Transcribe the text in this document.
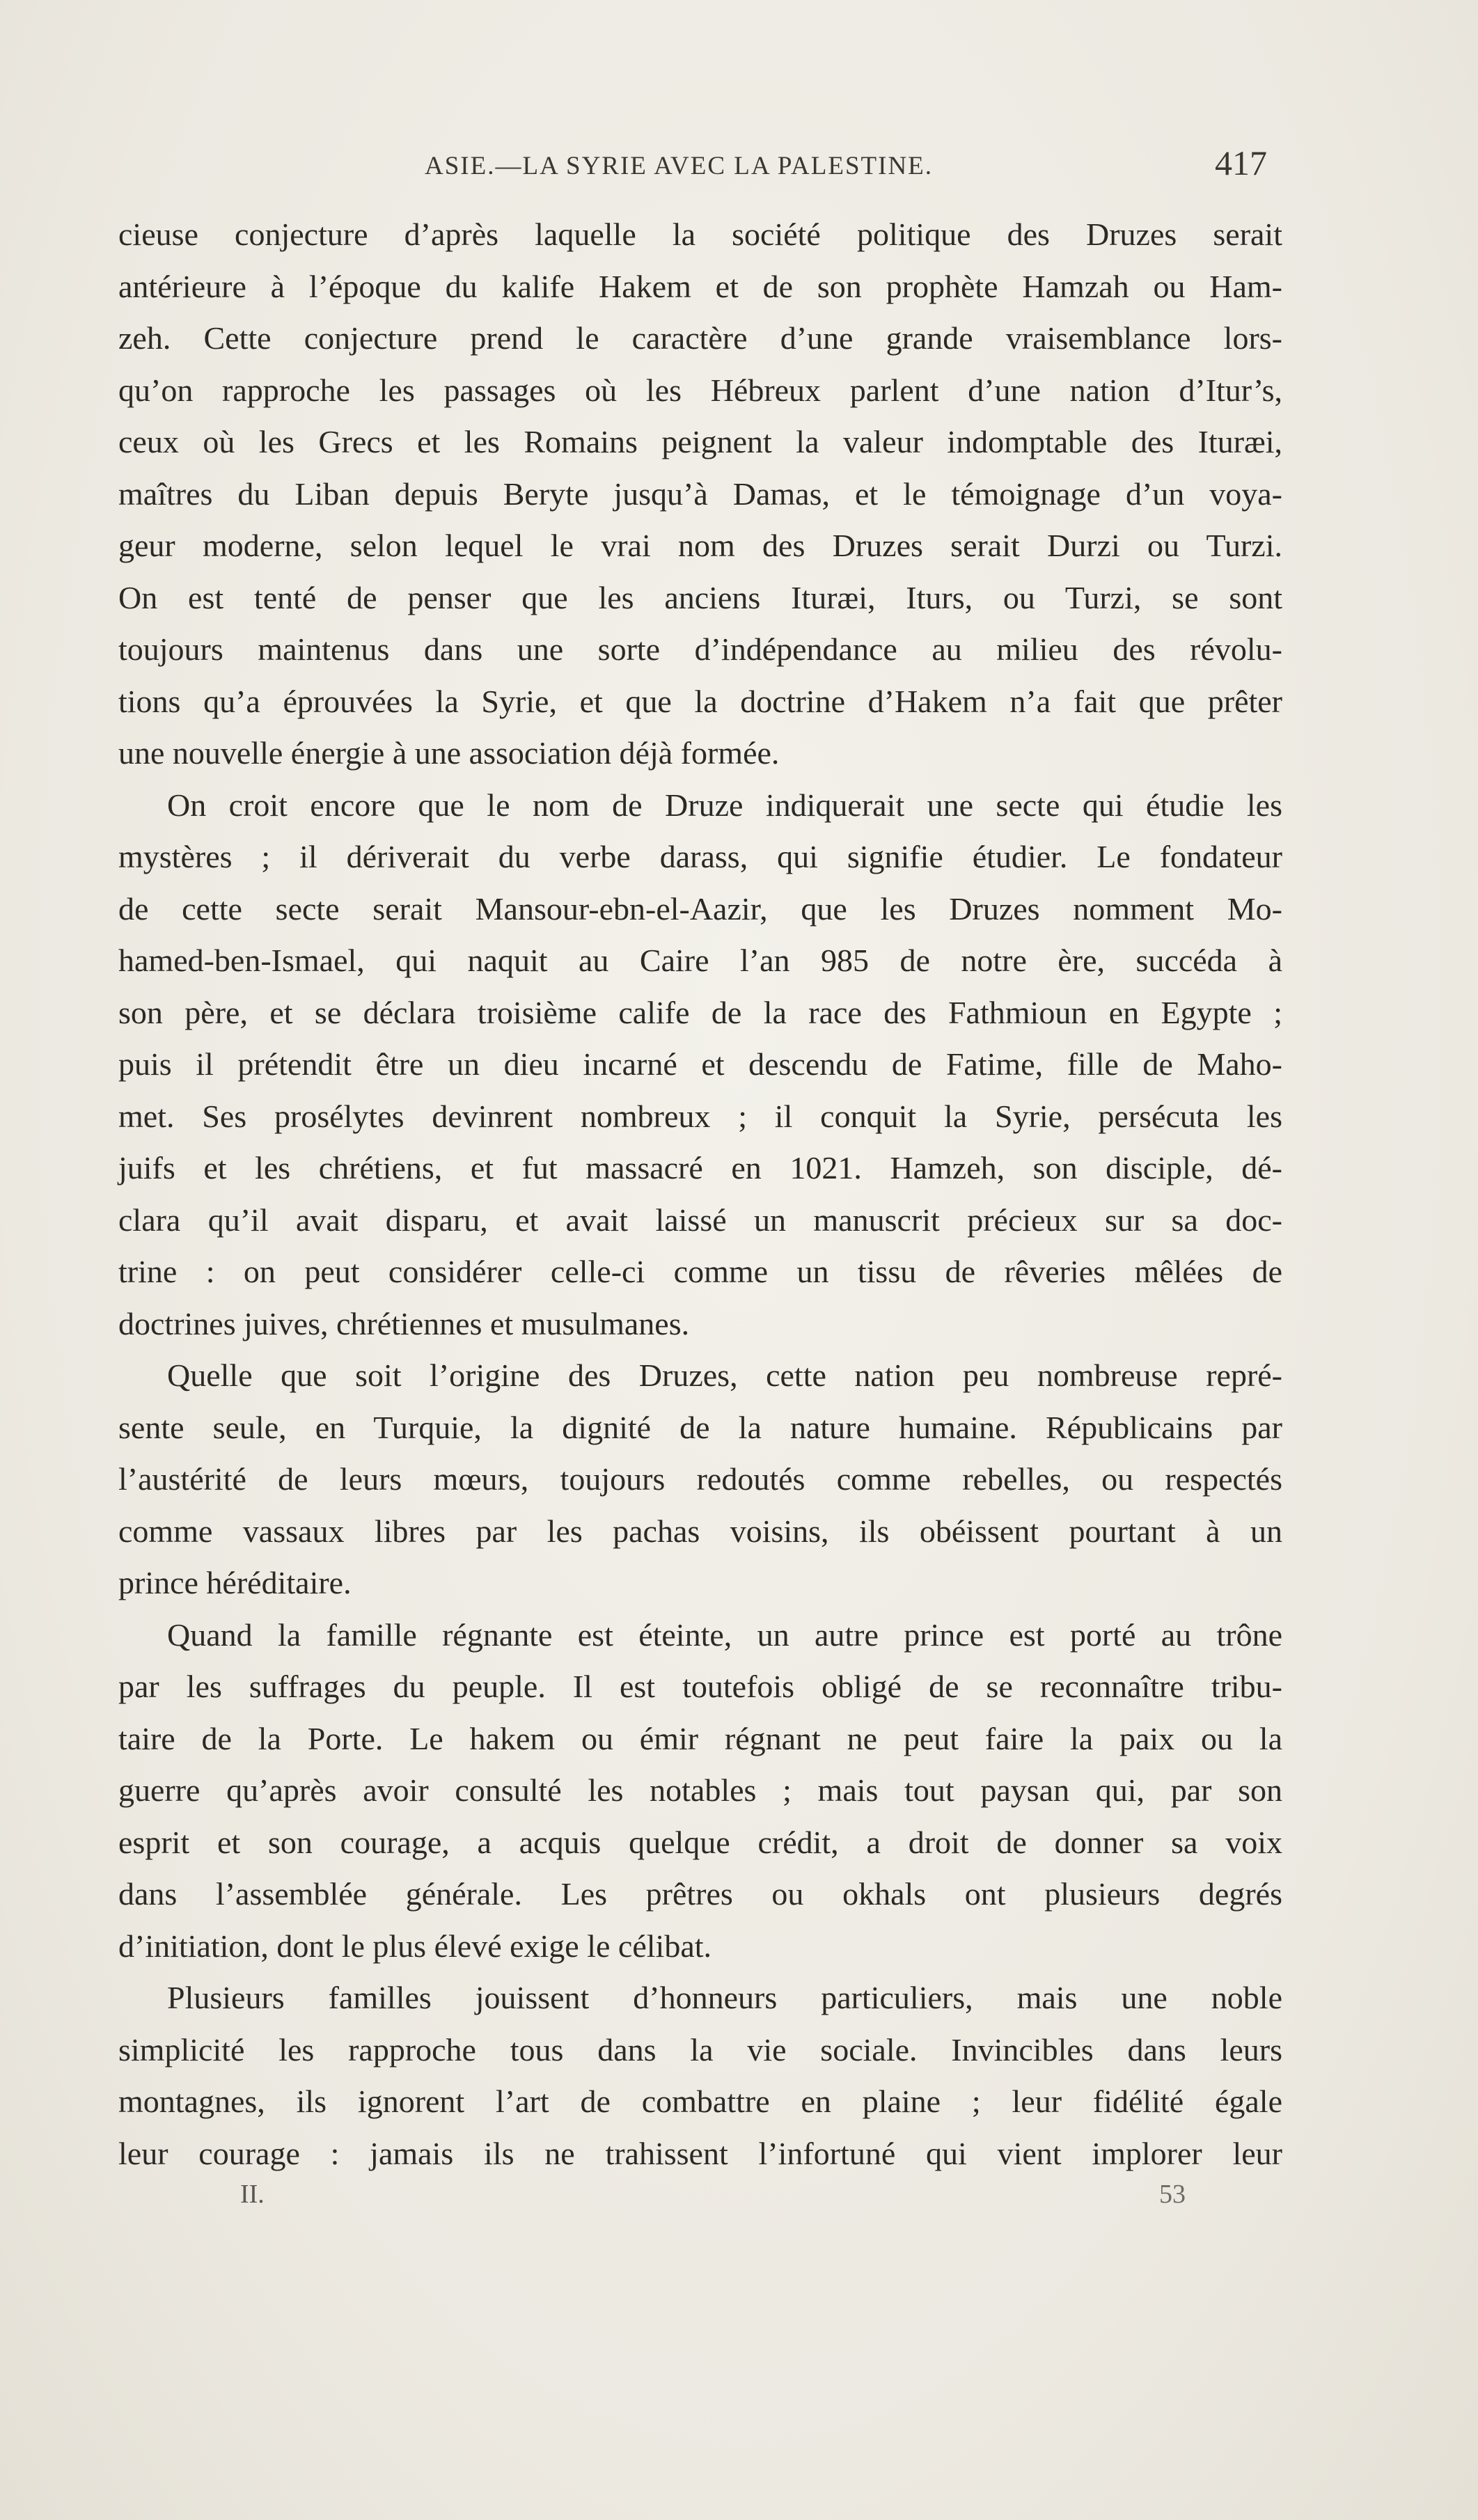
ASIE.—LA SYRIE AVEC LA PALESTINE.	417
cieuse conjecture d’après laquelle la société politique des Druzes serait
antérieure à l’époque du kalife Hakem et de son prophète Hamzah ou Ham-
zeh. Cette conjecture prend le caractère d’une grande vraisemblance lors-
qu’on rapproche les passages où les Hébreux parlent d’une nation d’Itur’s,
ceux où les Grecs et les Romains peignent la valeur indomptable des Ituræi,
maîtres du Liban depuis Beryte jusqu’à Damas, et le témoignage d’un voya-
geur moderne, selon lequel le vrai nom des Druzes serait Durzi ou Turzi.
On est tenté de penser que les anciens Ituræi, Iturs, ou Turzi, se sont
toujours maintenus dans une sorte d’indépendance au milieu des révolu-
tions qu’a éprouvées la Syrie, et que la doctrine d’Hakem n’a fait que prêter
une nouvelle énergie à une association déjà formée.
On croit encore que le nom de Druze indiquerait une secte qui étudie les
mystères ; il dériverait du verbe darass, qui signifie étudier. Le fondateur
de cette secte serait Mansour-ebn-el-Aazir, que les Druzes nomment Mo-
hamed-ben-Ismael, qui naquit au Caire l’an 985 de notre ère, succéda à
son père, et se déclara troisième calife de la race des Fathmioun en Egypte ;
puis il prétendit être un dieu incarné et descendu de Fatime, fille de Maho-
met. Ses prosélytes devinrent nombreux ; il conquit la Syrie, persécuta les
juifs et les chrétiens, et fut massacré en 1021. Hamzeh, son disciple, dé-
clara qu’il avait disparu, et avait laissé un manuscrit précieux sur sa doc-
trine : on peut considérer celle-ci comme un tissu de rêveries mêlées de
doctrines juives, chrétiennes et musulmanes.
Quelle que soit l’origine des Druzes, cette nation peu nombreuse repré-
sente seule, en Turquie, la dignité de la nature humaine. Républicains par
l’austérité de leurs mœurs, toujours redoutés comme rebelles, ou respectés
comme vassaux libres par les pachas voisins, ils obéissent pourtant à un
prince héréditaire.
Quand la famille régnante est éteinte, un autre prince est porté au trône
par les suffrages du peuple. Il est toutefois obligé de se reconnaître tribu-
taire de la Porte. Le hakem ou émir régnant ne peut faire la paix ou la
guerre qu’après avoir consulté les notables ; mais tout paysan qui, par son
esprit et son courage, a acquis quelque crédit, a droit de donner sa voix
dans l’assemblée générale. Les prêtres ou okhals ont plusieurs degrés
d’initiation, dont le plus élevé exige le célibat.
Plusieurs familles jouissent d’honneurs particuliers, mais une noble
simplicité les rapproche tous dans la vie sociale. Invincibles dans leurs
montagnes, ils ignorent l’art de combattre en plaine ; leur fidélité égale
leur courage : jamais ils ne trahissent l’infortuné qui vient implorer leur
II.	53
